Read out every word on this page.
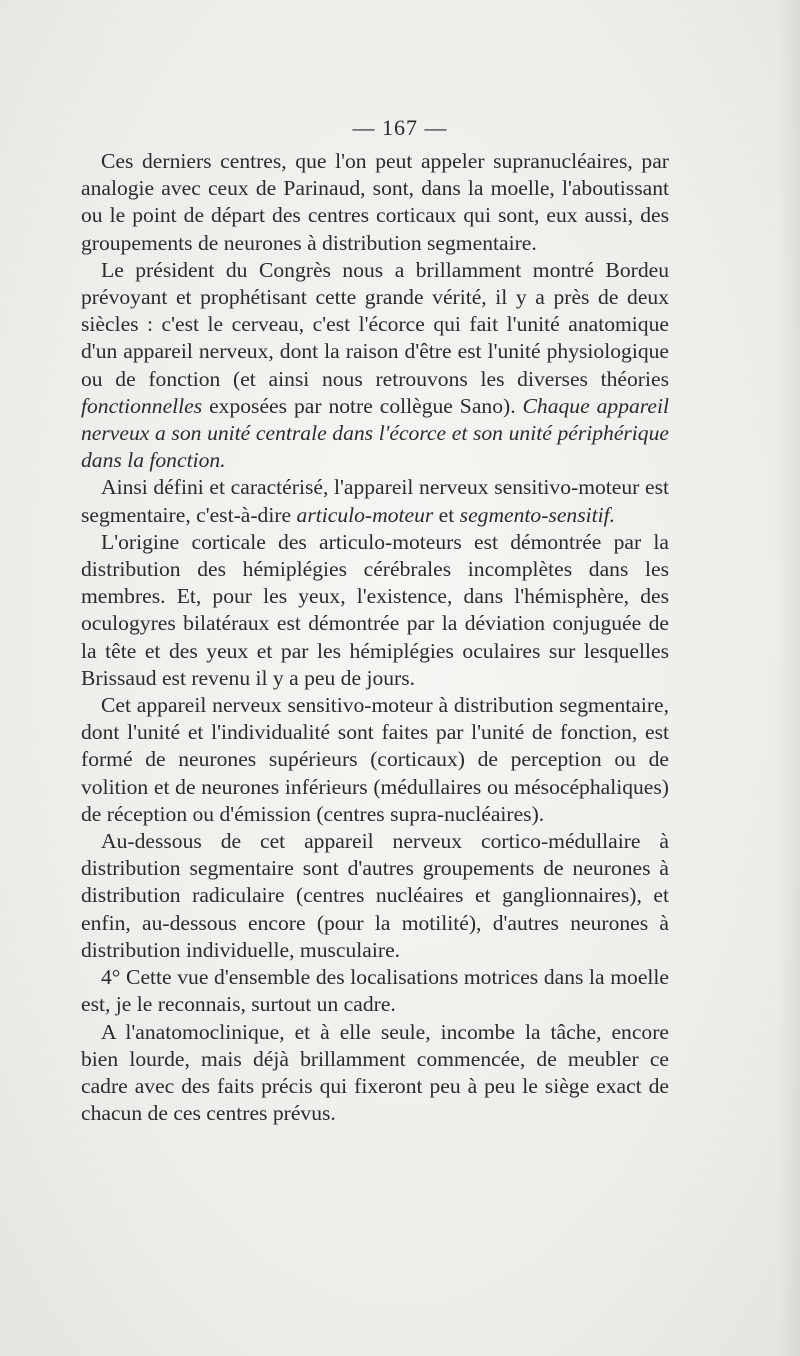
— 167 —

Ces derniers centres, que l'on peut appeler supranucléaires, par analogie avec ceux de Parinaud, sont, dans la moelle, l'aboutissant ou le point de départ des centres corticaux qui sont, eux aussi, des groupements de neurones à distribution segmentaire.

Le président du Congrès nous a brillamment montré Bordeu prévoyant et prophétisant cette grande vérité, il y a près de deux siècles : c'est le cerveau, c'est l'écorce qui fait l'unité anatomique d'un appareil nerveux, dont la raison d'être est l'unité physiologique ou de fonction (et ainsi nous retrouvons les diverses théories fonctionnelles exposées par notre collègue Sano). Chaque appareil nerveux a son unité centrale dans l'écorce et son unité périphérique dans la fonction.

Ainsi défini et caractérisé, l'appareil nerveux sensitivo-moteur est segmentaire, c'est-à-dire articulo-moteur et segmento-sensitif.

L'origine corticale des articulo-moteurs est démontrée par la distribution des hémiplégies cérébrales incomplètes dans les membres. Et, pour les yeux, l'existence, dans l'hémisphère, des oculogyres bilatéraux est démontrée par la déviation conjuguée de la tête et des yeux et par les hémiplégies oculaires sur lesquelles Brissaud est revenu il y a peu de jours.

Cet appareil nerveux sensitivo-moteur à distribution segmentaire, dont l'unité et l'individualité sont faites par l'unité de fonction, est formé de neurones supérieurs (corticaux) de perception ou de volition et de neurones inférieurs (médullaires ou mésocéphaliques) de réception ou d'émission (centres supra-nucléaires).

Au-dessous de cet appareil nerveux cortico-médullaire à distribution segmentaire sont d'autres groupements de neurones à distribution radiculaire (centres nucléaires et ganglionnaires), et enfin, au-dessous encore (pour la motilité), d'autres neurones à distribution individuelle, musculaire.

4° Cette vue d'ensemble des localisations motrices dans la moelle est, je le reconnais, surtout un cadre.

A l'anatomoclinique, et à elle seule, incombe la tâche, encore bien lourde, mais déjà brillamment commencée, de meubler ce cadre avec des faits précis qui fixeront peu à peu le siège exact de chacun de ces centres prévus.
